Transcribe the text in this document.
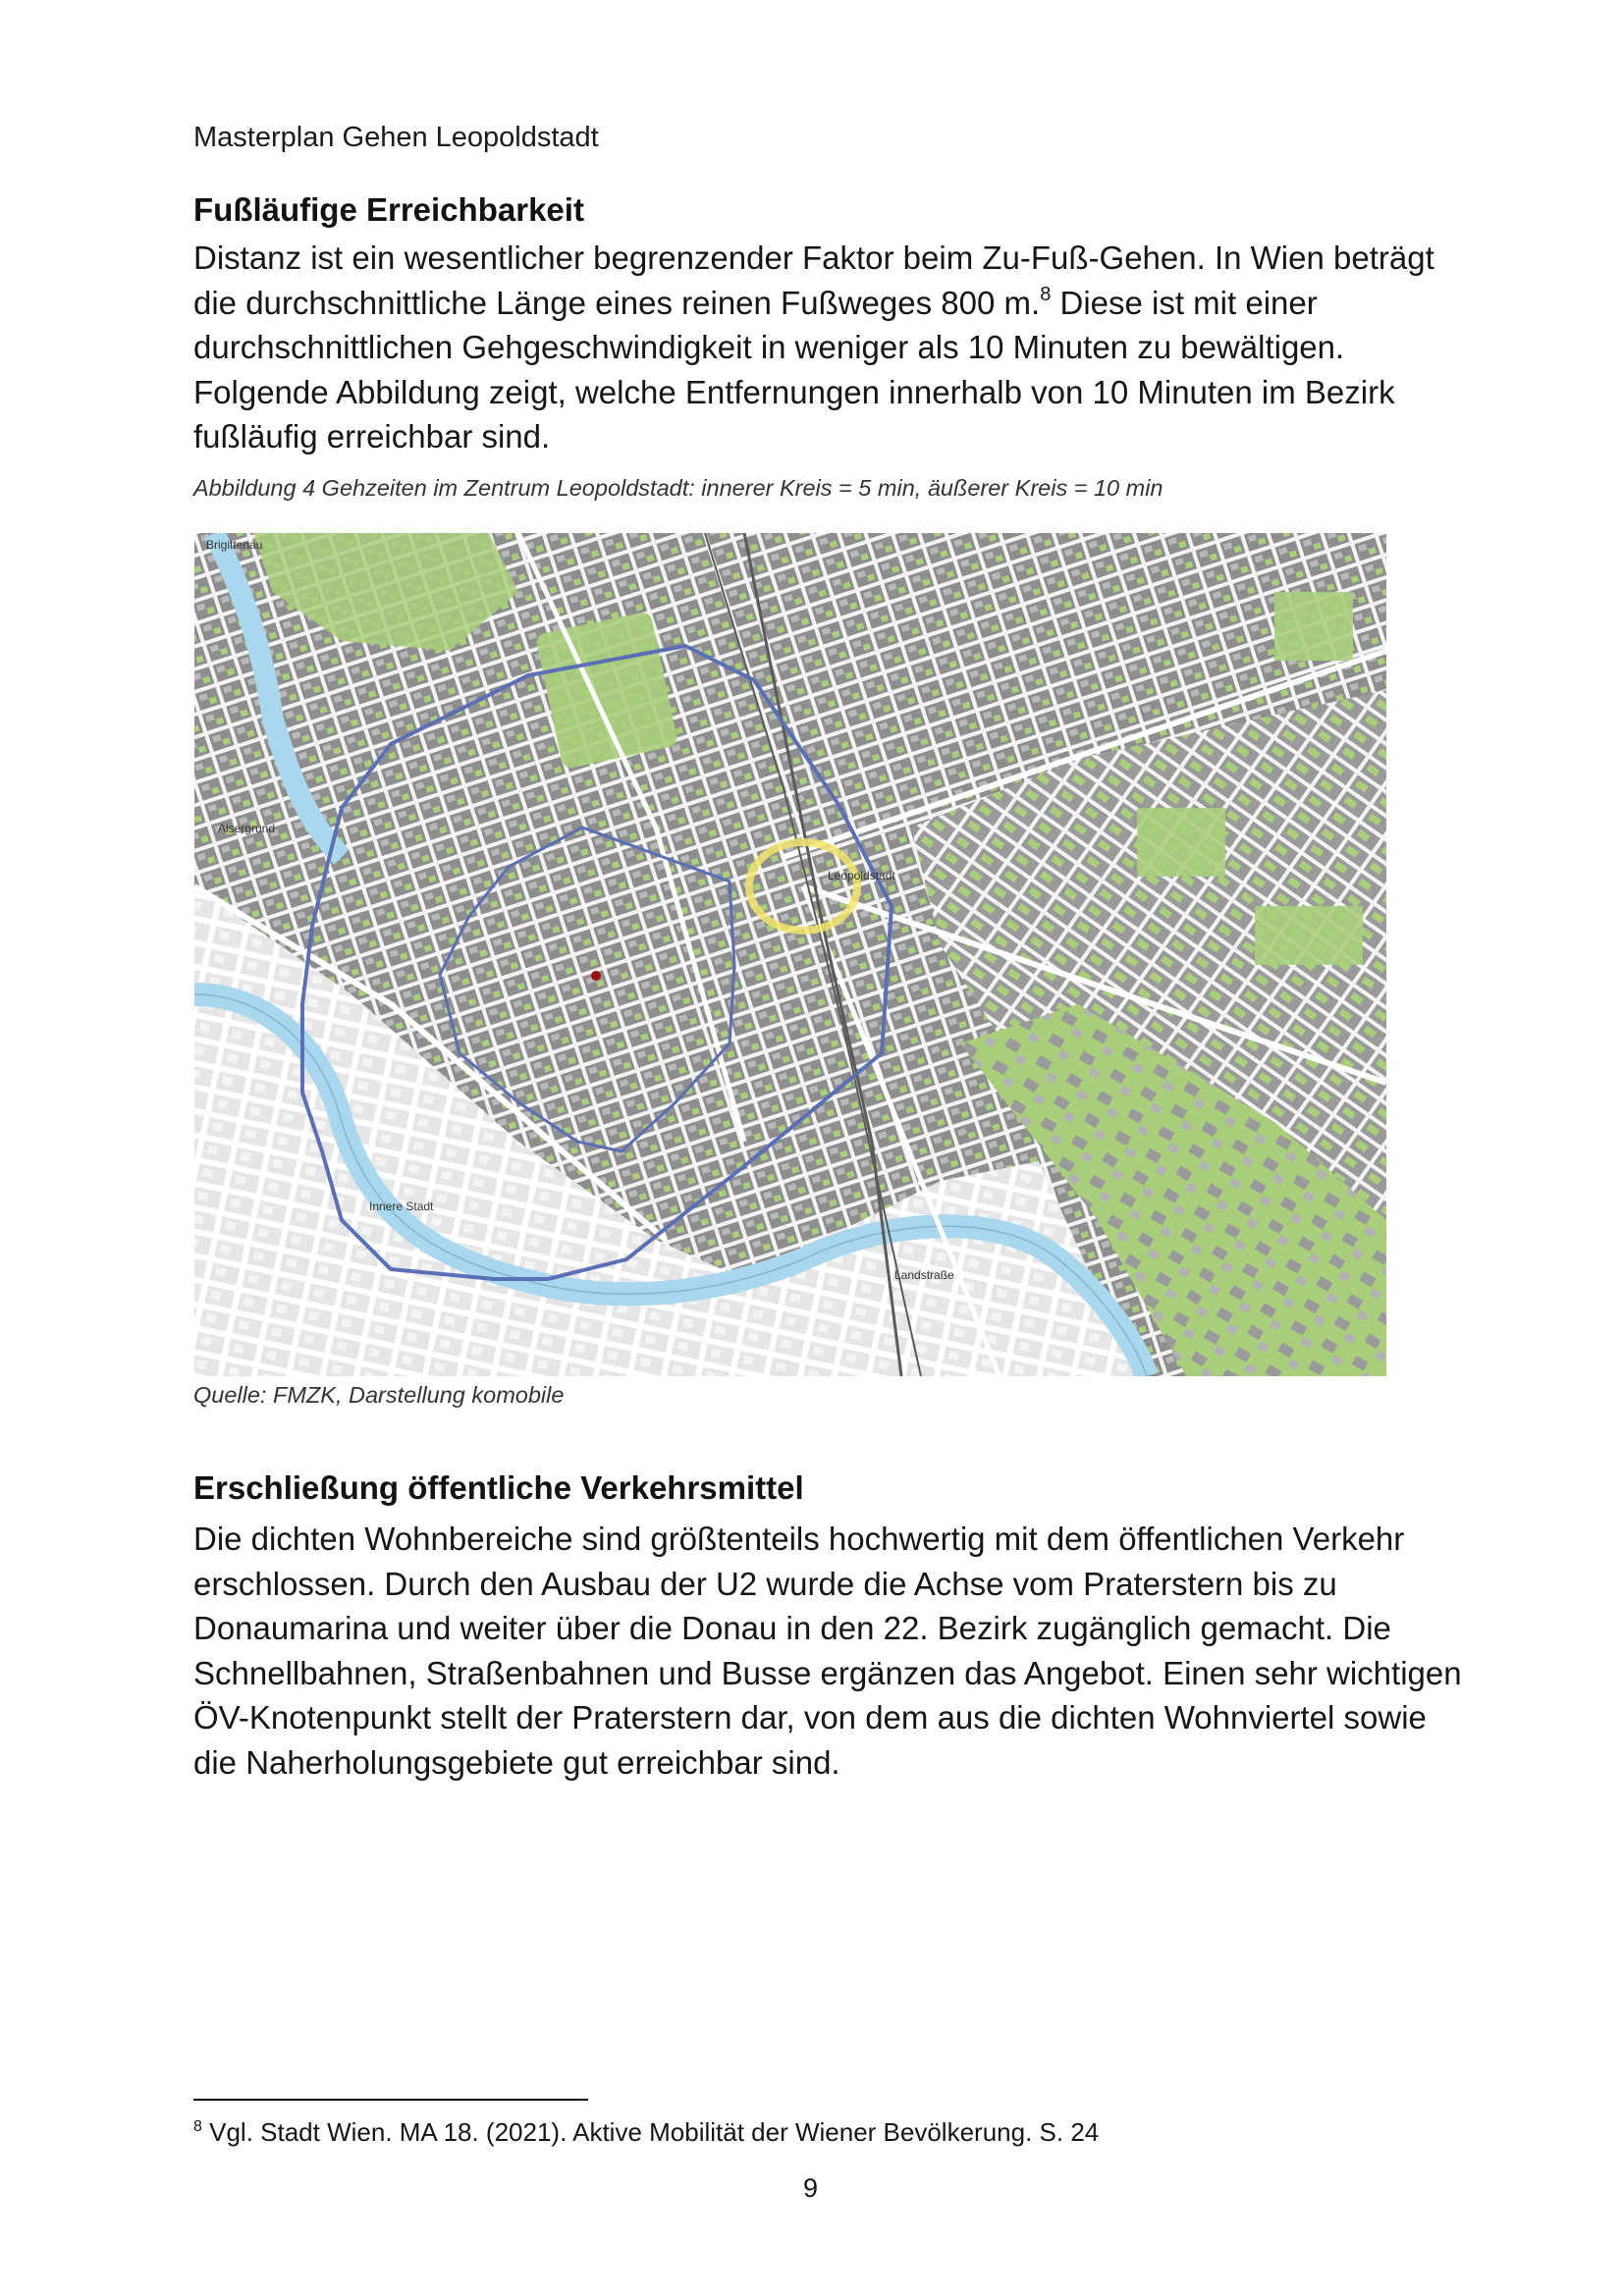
Masterplan Gehen Leopoldstadt
Fußläufige Erreichbarkeit

Distanz ist ein wesentlicher begrenzender Faktor beim Zu-Fuß-Gehen. In Wien beträgt die durchschnittliche Länge eines reinen Fußweges 800 m.$^8$ Diese ist mit einer durchschnittlichen Gehgeschwindigkeit in weniger als 10 Minuten zu bewältigen. Folgende Abbildung zeigt, welche Entfernungen innerhalb von 10 Minuten im Bezirk fußläufig erreichbar sind.

Abbildung 4 Gehzeiten im Zentrum Leopoldstadt: innerer Kreis = 5 min, äußerer Kreis = 10 min
Brigittenau
Alsergrund
Leopoldstadt
Innere Stadt
Landstraße
Quelle: FMZK, Darstellung komobile
Erschließung öffentliche Verkehrsmittel

Die dichten Wohnbereiche sind größtenteils hochwertig mit dem öffentlichen Verkehr erschlossen. Durch den Ausbau der U2 wurde die Achse vom Praterstern bis zu Donaumarina und weiter über die Donau in den 22. Bezirk zugänglich gemacht. Die Schnellbahnen, Straßenbahnen und Busse ergänzen das Angebot. Einen sehr wichtigen ÖV-Knotenpunkt stellt der Praterstern dar, von dem aus die dichten Wohnviertel sowie die Naherholungsgebiete gut erreichbar sind.

$^8$ Vgl. Stadt Wien. MA 18. (2021). Aktive Mobilität der Wiener Bevölkerung. S. 24
9
